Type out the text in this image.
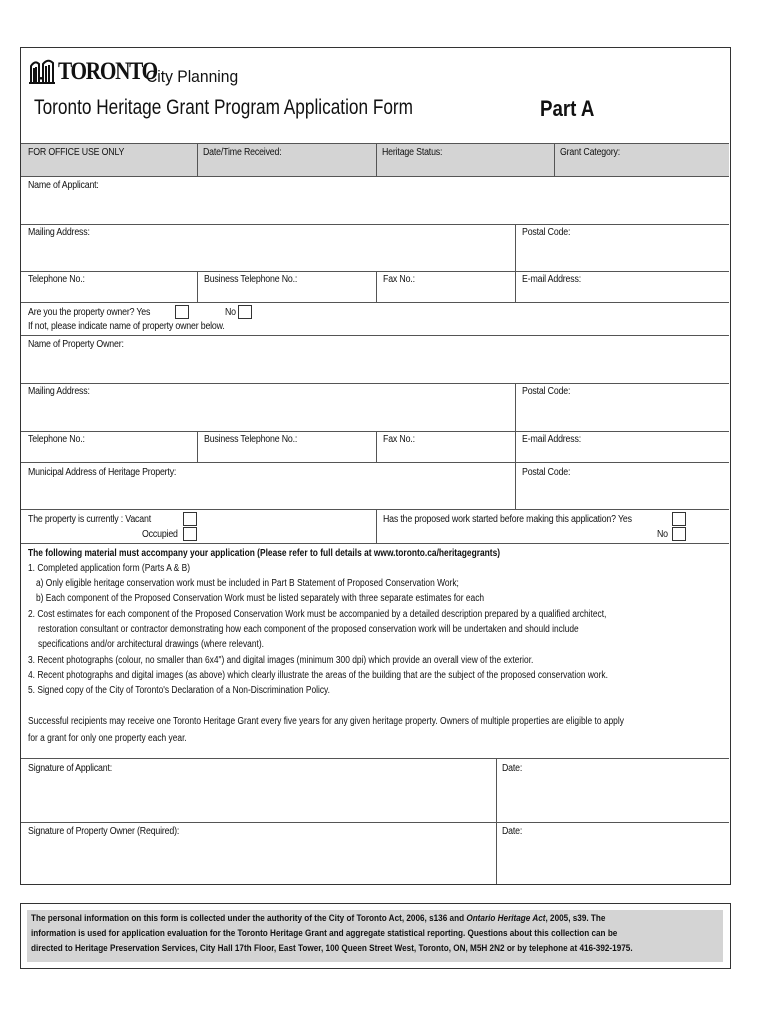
TORONTO
City Planning
Toronto Heritage Grant Program Application Form	Part A
FOR OFFICE USE ONLY	Date/Time Received:	Heritage Status:	Grant Category:
Name of Applicant:
Mailing Address:	Postal Code:
Telephone No.:	Business Telephone No.:	Fax No.:	E-mail Address:
Are you the property owner? Yes	No
If not, please indicate name of property owner below.
Name of Property Owner:
Mailing Address:	Postal Code:
Telephone No.:	Business Telephone No.:	Fax No.:	E-mail Address:
Municipal Address of Heritage Property:	Postal Code:
The property is currently : Vacant
Occupied
Has the proposed work started before making this application? Yes
No
The following material must accompany your application (Please refer to full details at www.toronto.ca/heritagegrants)
1. Completed application form (Parts A & B)
a) Only eligible heritage conservation work must be included in Part B Statement of Proposed Conservation Work;
b) Each component of the Proposed Conservation Work must be listed separately with three separate estimates for each
2. Cost estimates for each component of the Proposed Conservation Work must be accompanied by a detailed description prepared by a qualified architect,
restoration consultant or contractor demonstrating how each component of the proposed conservation work will be undertaken and should include
specifications and/or architectural drawings (where relevant).
3. Recent photographs (colour, no smaller than 6x4") and digital images (minimum 300 dpi) which provide an overall view of the exterior.
4. Recent photographs and digital images (as above) which clearly illustrate the areas of the building that are the subject of the proposed conservation work.
5. Signed copy of the City of Toronto's Declaration of a Non-Discrimination Policy.
Successful recipients may receive one Toronto Heritage Grant every five years for any given heritage property. Owners of multiple properties are eligible to apply
for a grant for only one property each year.
Signature of Applicant:	Date:
Signature of Property Owner (Required):	Date:
The personal information on this form is collected under the authority of the City of Toronto Act, 2006, s136 and Ontario Heritage Act, 2005, s39. The
information is used for application evaluation for the Toronto Heritage Grant and aggregate statistical reporting. Questions about this collection can be
directed to Heritage Preservation Services, City Hall 17th Floor, East Tower, 100 Queen Street West, Toronto, ON, M5H 2N2 or by telephone at 416-392-1975.
